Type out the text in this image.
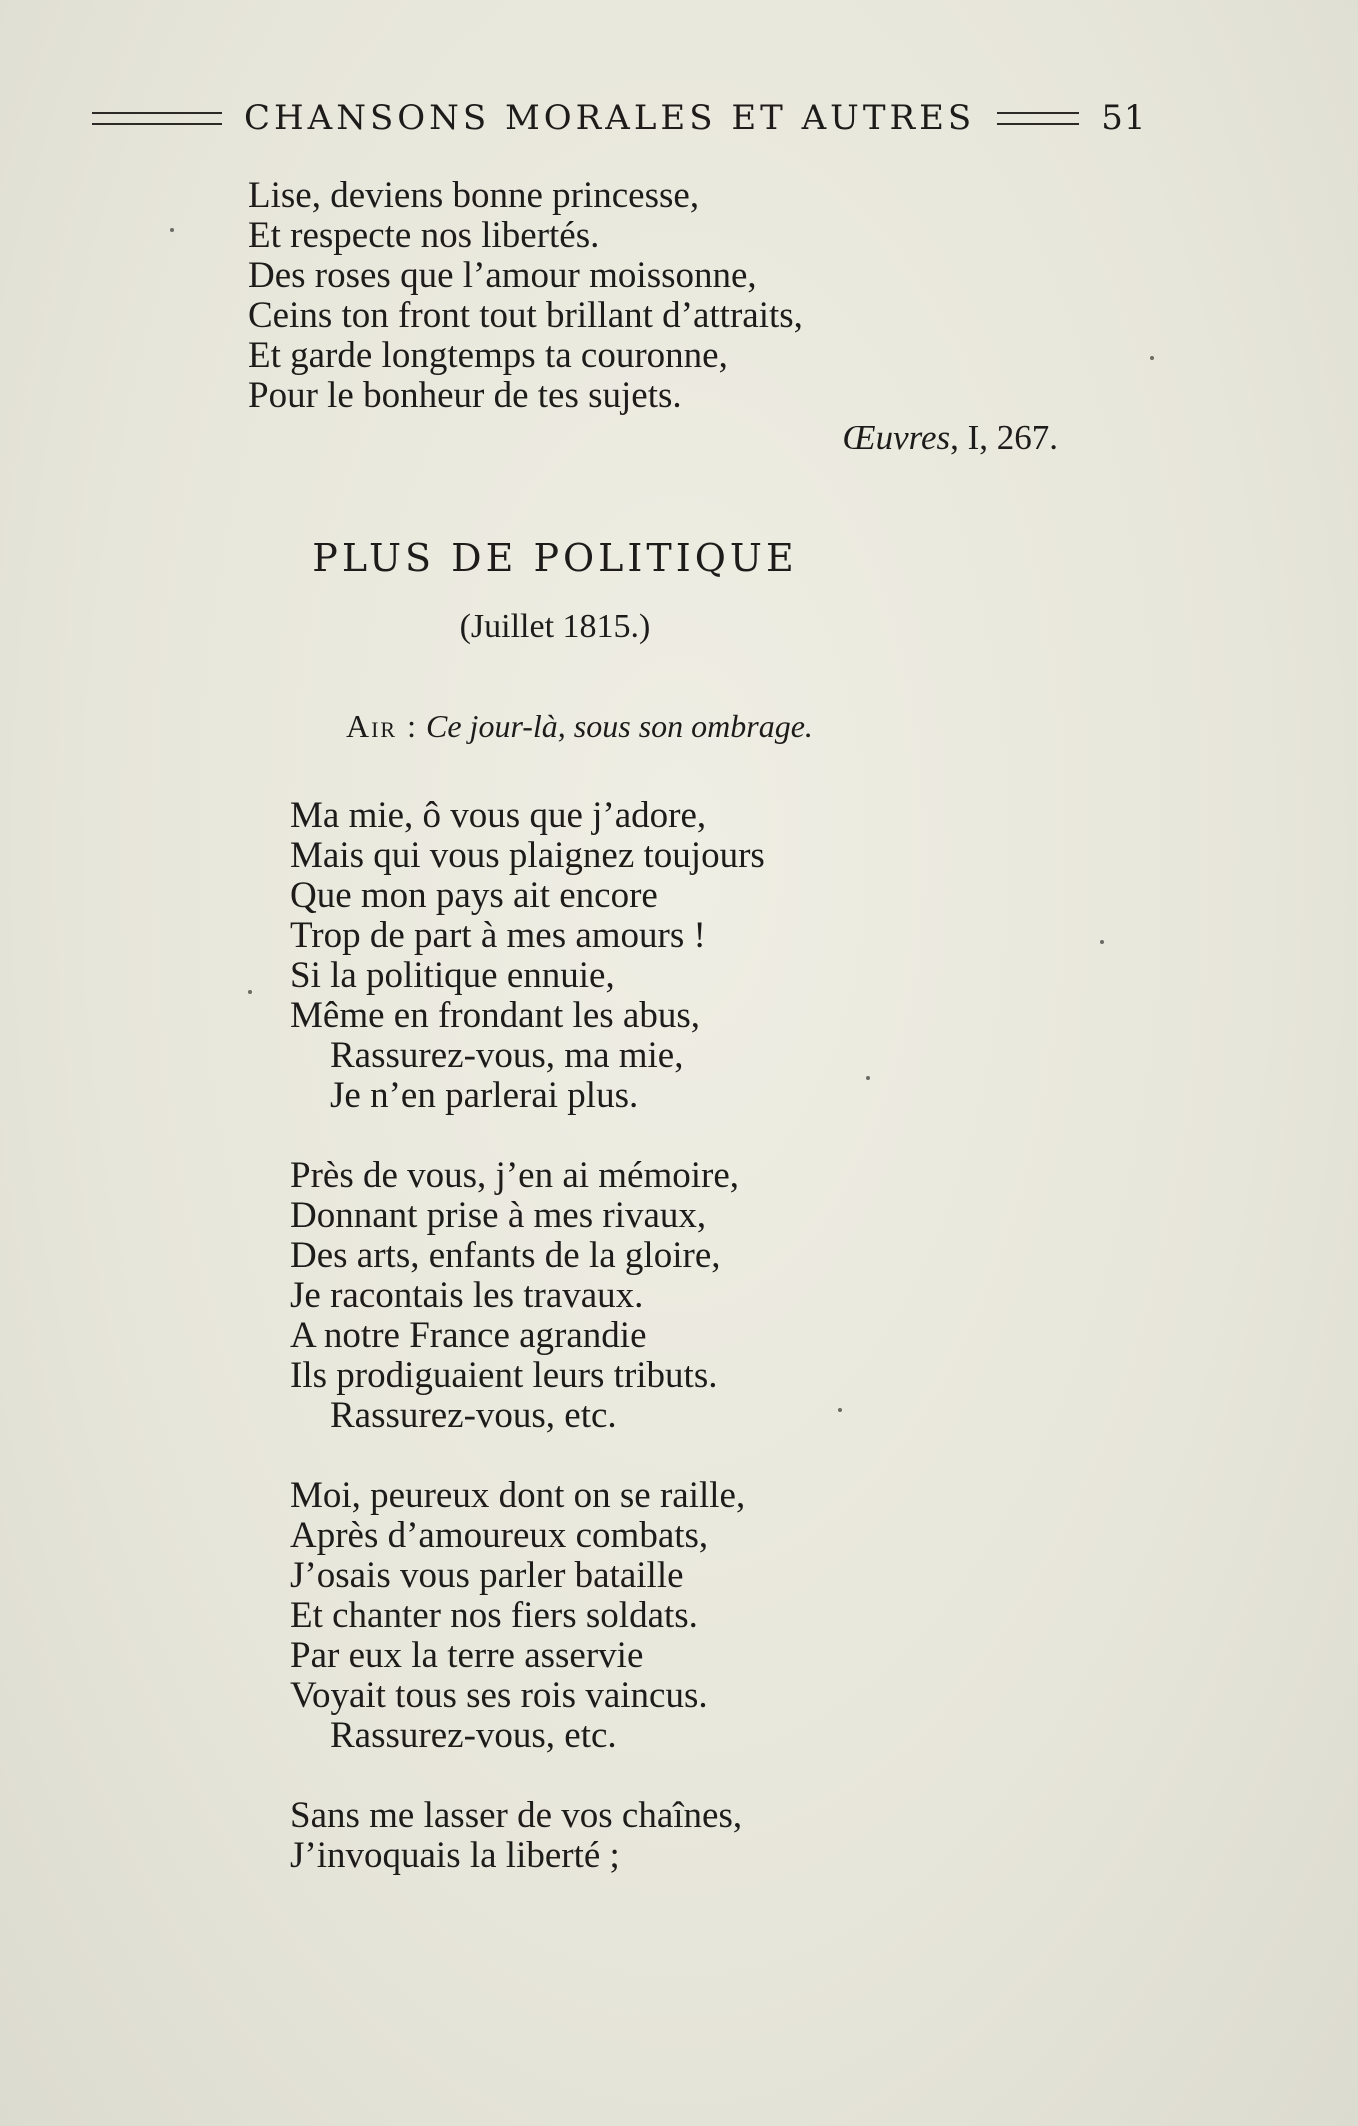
CHANSONS MORALES ET AUTRES	51
Lise, deviens bonne princesse,
Et respecte nos libertés.
Des roses que l’amour moissonne,
Ceins ton front tout brillant d’attraits,
Et garde longtemps ta couronne,
Pour le bonheur de tes sujets.
Œuvres, I, 267.
PLUS DE POLITIQUE
(Juillet 1815.)
Air : Ce jour-là, sous son ombrage.
Ma mie, ô vous que j’adore,
Mais qui vous plaignez toujours
Que mon pays ait encore
Trop de part à mes amours !
Si la politique ennuie,
Même en frondant les abus,
Rassurez-vous, ma mie,
Je n’en parlerai plus.
Près de vous, j’en ai mémoire,
Donnant prise à mes rivaux,
Des arts, enfants de la gloire,
Je racontais les travaux.
A notre France agrandie
Ils prodiguaient leurs tributs.
Rassurez-vous, etc.
Moi, peureux dont on se raille,
Après d’amoureux combats,
J’osais vous parler bataille
Et chanter nos fiers soldats.
Par eux la terre asservie
Voyait tous ses rois vaincus.
Rassurez-vous, etc.
Sans me lasser de vos chaînes,
J’invoquais la liberté ;
